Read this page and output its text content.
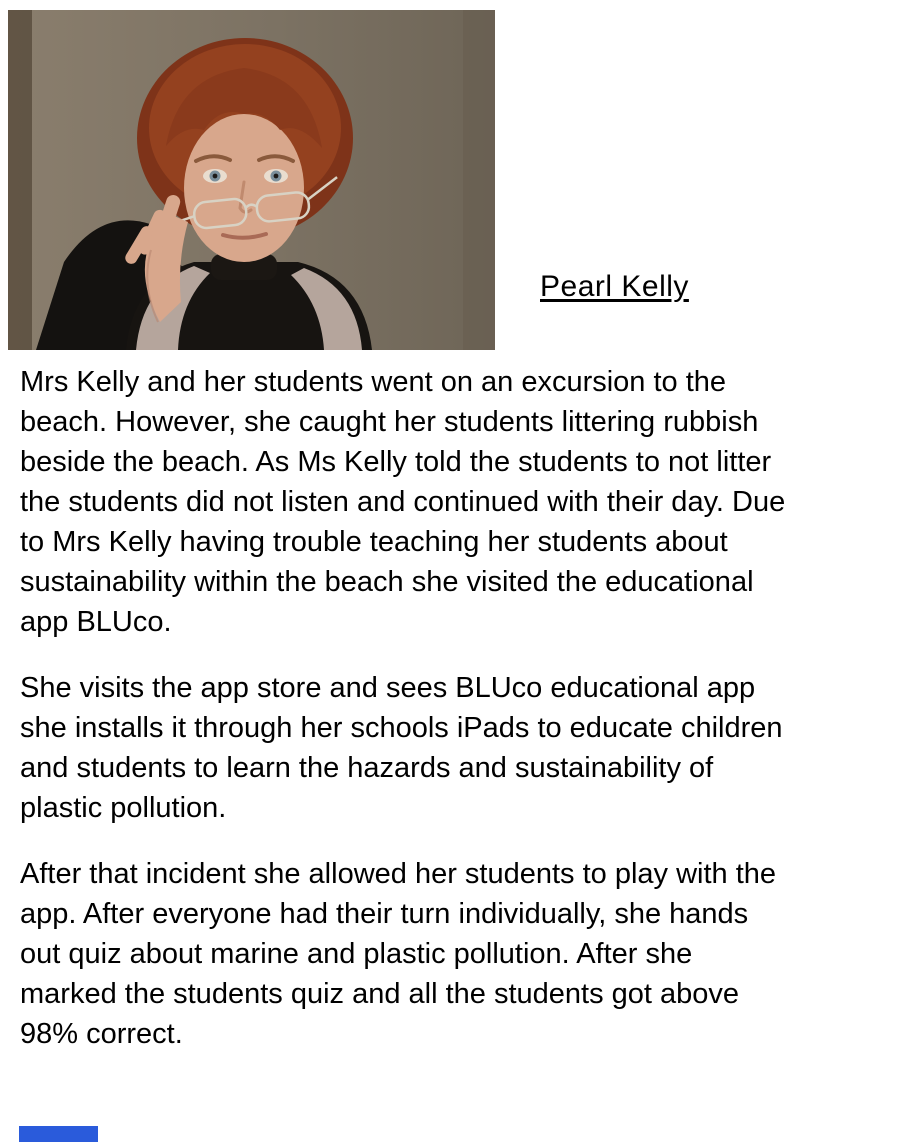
Pearl Kelly
Mrs Kelly and her students went on an excursion to the
beach. However, she caught her students littering rubbish
beside the beach. As Ms Kelly told the students to not litter
the students did not listen and continued with their day. Due
to Mrs Kelly having trouble teaching her students about
sustainability within the beach she visited the educational
app BLUco.
She visits the app store and sees BLUco educational app
she installs it through her schools iPads to educate children
and students to learn the hazards and sustainability of
plastic pollution.
After that incident she allowed her students to play with the
app. After everyone had their turn individually, she hands
out quiz about marine and plastic pollution. After she
marked the students quiz and all the students got above
98% correct.
